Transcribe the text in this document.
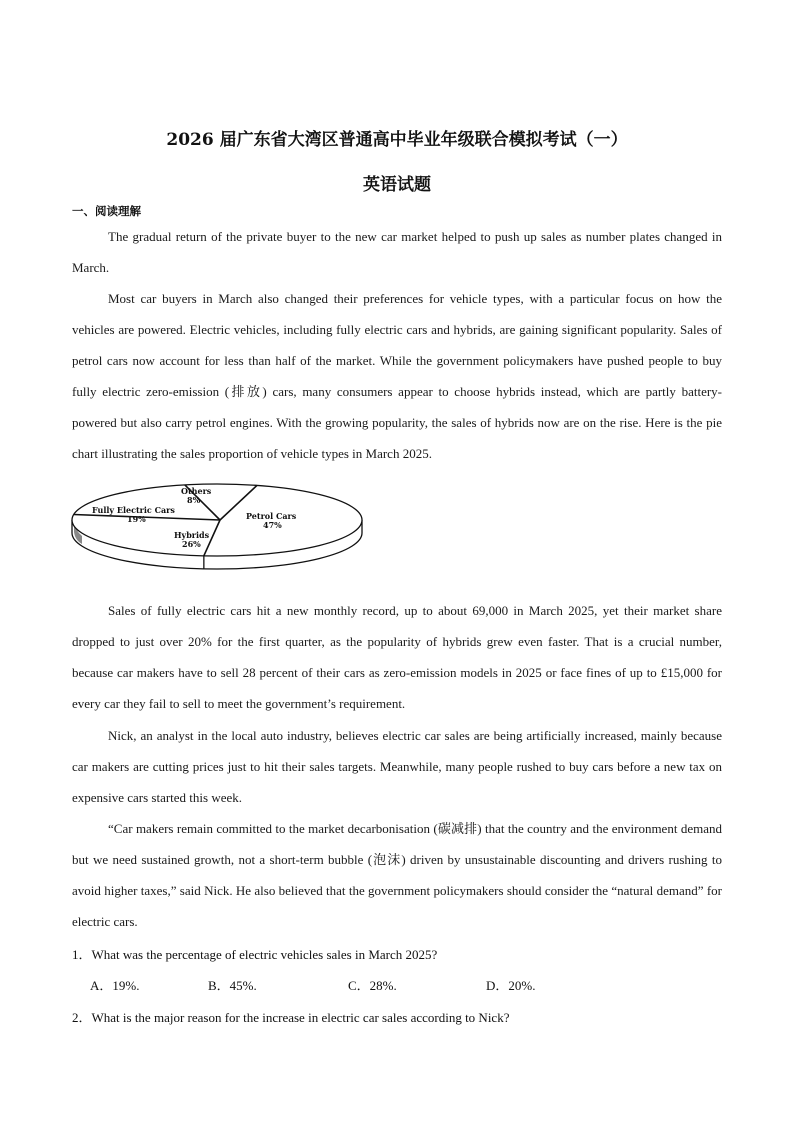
2026 届广东省大湾区普通高中毕业年级联合模拟考试（一）
英语试题
一、阅读理解

The gradual return of the private buyer to the new car market helped to push up sales as number plates changed in March.

Most car buyers in March also changed their preferences for vehicle types, with a particular focus on how the vehicles are powered. Electric vehicles, including fully electric cars and hybrids, are gaining significant popularity. Sales of petrol cars now account for less than half of the market. While the government policymakers have pushed people to buy fully electric zero-emission (排放) cars, many consumers appear to choose hybrids instead, which are partly battery-powered but also carry petrol engines. With the growing popularity, the sales of hybrids now are on the rise. Here is the pie chart illustrating the sales proportion of vehicle types in March 2025.

Petrol Cars
47%
Hybrids
26%
Fully Electric Cars
19%
Others
8%

Sales of fully electric cars hit a new monthly record, up to about 69,000 in March 2025, yet their market share dropped to just over 20% for the first quarter, as the popularity of hybrids grew even faster. That is a crucial number, because car makers have to sell 28 percent of their cars as zero-emission models in 2025 or face fines of up to £15,000 for every car they fail to sell to meet the government’s requirement.

Nick, an analyst in the local auto industry, believes electric car sales are being artificially increased, mainly because car makers are cutting prices just to hit their sales targets. Meanwhile, many people rushed to buy cars before a new tax on expensive cars started this week.

“Car makers remain committed to the market decarbonisation (碳减排) that the country and the environment demand but we need sustained growth, not a short-term bubble (泡沫) driven by unsustainable discounting and drivers rushing to avoid higher taxes,” said Nick. He also believed that the government policymakers should consider the “natural demand” for electric cars.

1．What was the percentage of electric vehicles sales in March 2025?
A．19%.	B．45%.	C．28%.	D．20%.
2．What is the major reason for the increase in electric car sales according to Nick?
